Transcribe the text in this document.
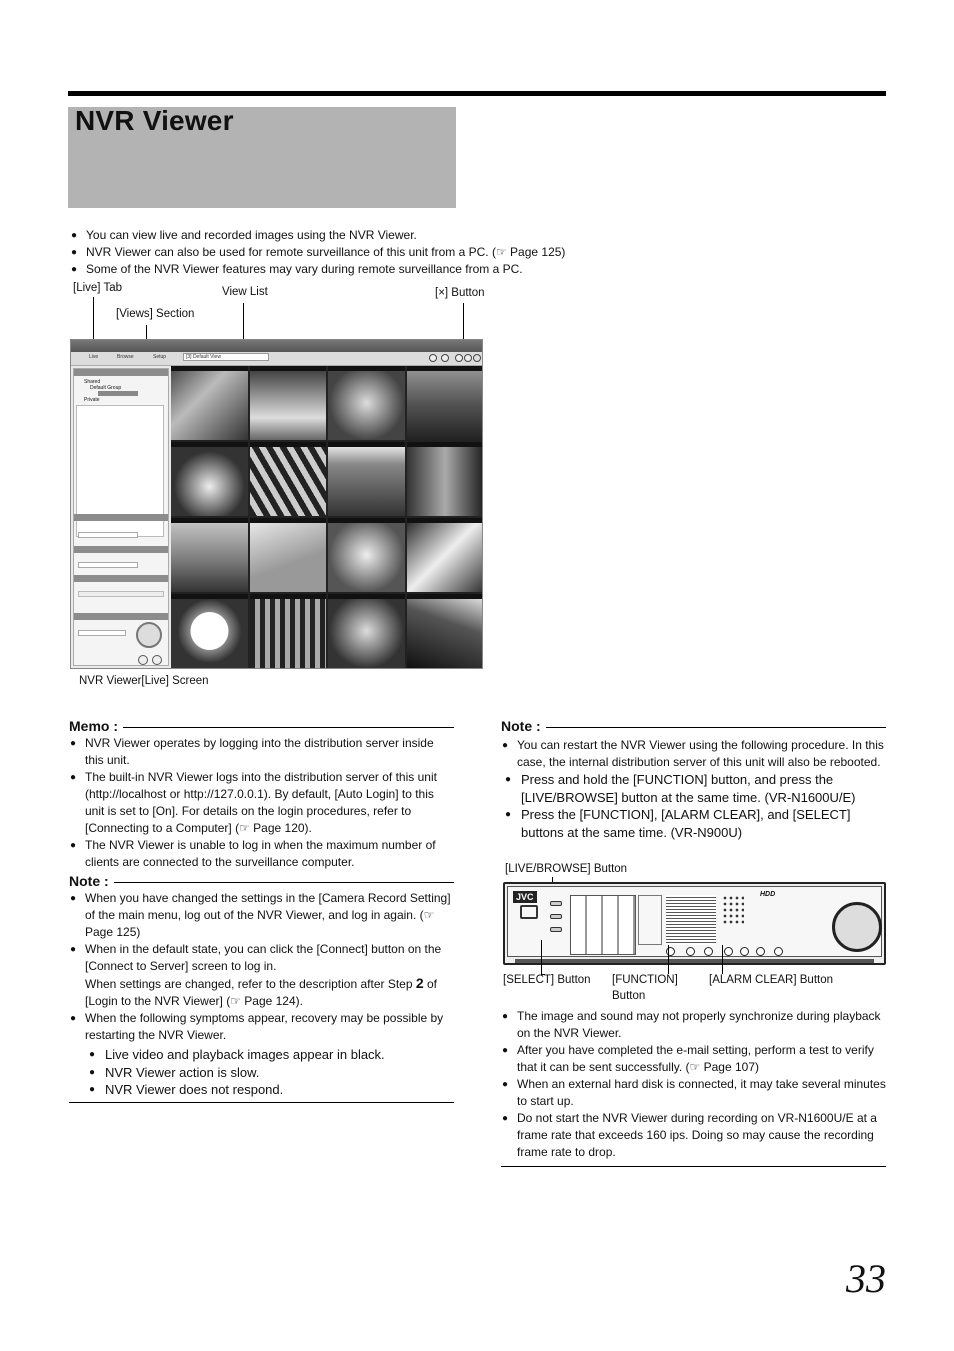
NVR Viewer
● You can view live and recorded images using the NVR Viewer.
● NVR Viewer can also be used for remote surveillance of this unit from a PC. (☞ Page 125)
● Some of the NVR Viewer features may vary during remote surveillance from a PC.
[Live] Tab	View List	[×] Button
[Views] Section
Live	Browse	Setup	[3] Default View
Shared
Default Group
Private
NVR Viewer[Live] Screen
Memo :
● NVR Viewer operates by logging into the distribution server inside this unit.
● The built-in NVR Viewer logs into the distribution server of this unit (http://localhost or http://127.0.0.1). By default, [Auto Login] to this unit is set to [On]. For details on the login procedures, refer to [Connecting to a Computer] (☞ Page 120).
● The NVR Viewer is unable to log in when the maximum number of clients are connected to the surveillance computer.
Note :
● When you have changed the settings in the [Camera Record Setting] of the main menu, log out of the NVR Viewer, and log in again. (☞ Page 125)
● When in the default state, you can click the [Connect] button on the [Connect to Server] screen to log in.
When settings are changed, refer to the description after Step 2 of [Login to the NVR Viewer] (☞ Page 124).
● When the following symptoms appear, recovery may be possible by restarting the NVR Viewer.
● Live video and playback images appear in black.
● NVR Viewer action is slow.
● NVR Viewer does not respond.
Note :
● You can restart the NVR Viewer using the following procedure. In this case, the internal distribution server of this unit will also be rebooted.
● Press and hold the [FUNCTION] button, and press the [LIVE/BROWSE] button at the same time. (VR-N1600U/E)
● Press the [FUNCTION], [ALARM CLEAR], and [SELECT] buttons at the same time. (VR-N900U)
[LIVE/BROWSE] Button
JVC	HDD
[SELECT] Button [FUNCTION]
Button
[ALARM CLEAR] Button
● The image and sound may not properly synchronize during playback on the NVR Viewer.
● After you have completed the e-mail setting, perform a test to verify that it can be sent successfully. (☞ Page 107)
● When an external hard disk is connected, it may take several minutes to start up.
● Do not start the NVR Viewer during recording on VR-N1600U/E at a frame rate that exceeds 160 ips. Doing so may cause the recording frame rate to drop.
33
